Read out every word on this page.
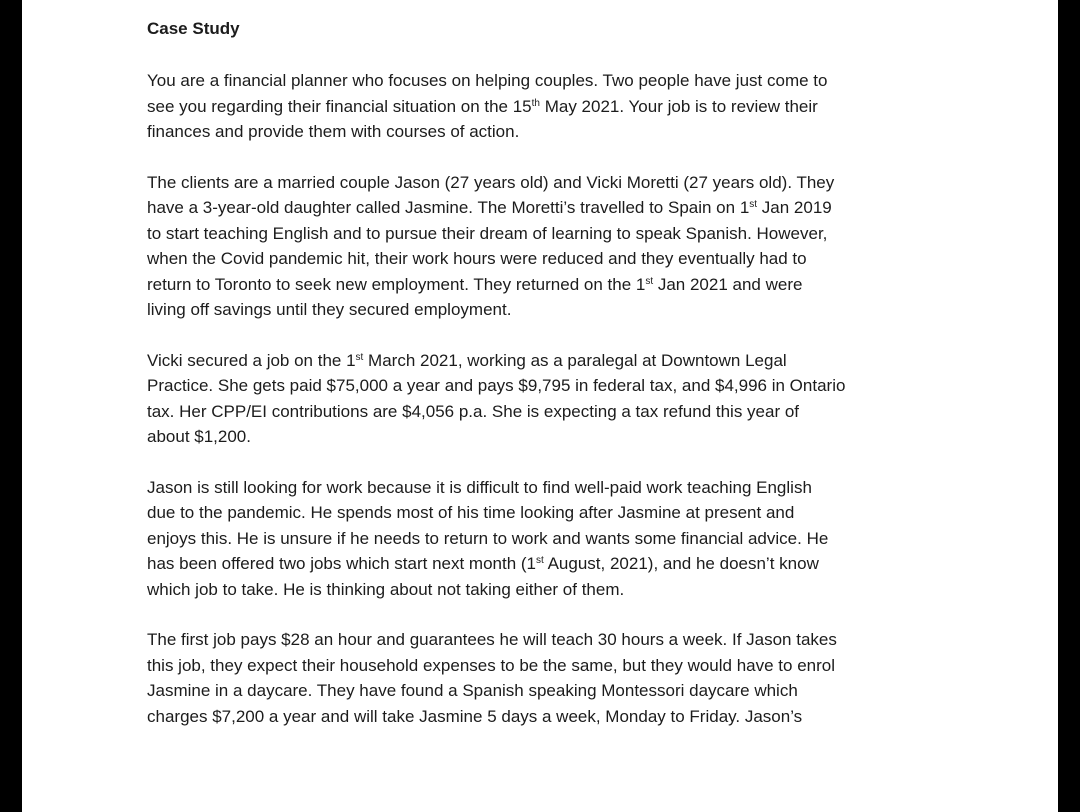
Case Study
You are a financial planner who focuses on helping couples. Two people have just come to
see you regarding their financial situation on the 15th May 2021. Your job is to review their
finances and provide them with courses of action.
The clients are a married couple Jason (27 years old) and Vicki Moretti (27 years old). They
have a 3-year-old daughter called Jasmine. The Moretti’s travelled to Spain on 1st Jan 2019
to start teaching English and to pursue their dream of learning to speak Spanish. However,
when the Covid pandemic hit, their work hours were reduced and they eventually had to
return to Toronto to seek new employment. They returned on the 1st Jan 2021 and were
living off savings until they secured employment.
Vicki secured a job on the 1st March 2021, working as a paralegal at Downtown Legal
Practice. She gets paid $75,000 a year and pays $9,795 in federal tax, and $4,996 in Ontario
tax. Her CPP/EI contributions are $4,056 p.a. She is expecting a tax refund this year of
about $1,200.
Jason is still looking for work because it is difficult to find well-paid work teaching English
due to the pandemic. He spends most of his time looking after Jasmine at present and
enjoys this. He is unsure if he needs to return to work and wants some financial advice. He
has been offered two jobs which start next month (1st August, 2021), and he doesn’t know
which job to take. He is thinking about not taking either of them.
The first job pays $28 an hour and guarantees he will teach 30 hours a week. If Jason takes
this job, they expect their household expenses to be the same, but they would have to enrol
Jasmine in a daycare. They have found a Spanish speaking Montessori daycare which
charges $7,200 a year and will take Jasmine 5 days a week, Monday to Friday. Jason’s
